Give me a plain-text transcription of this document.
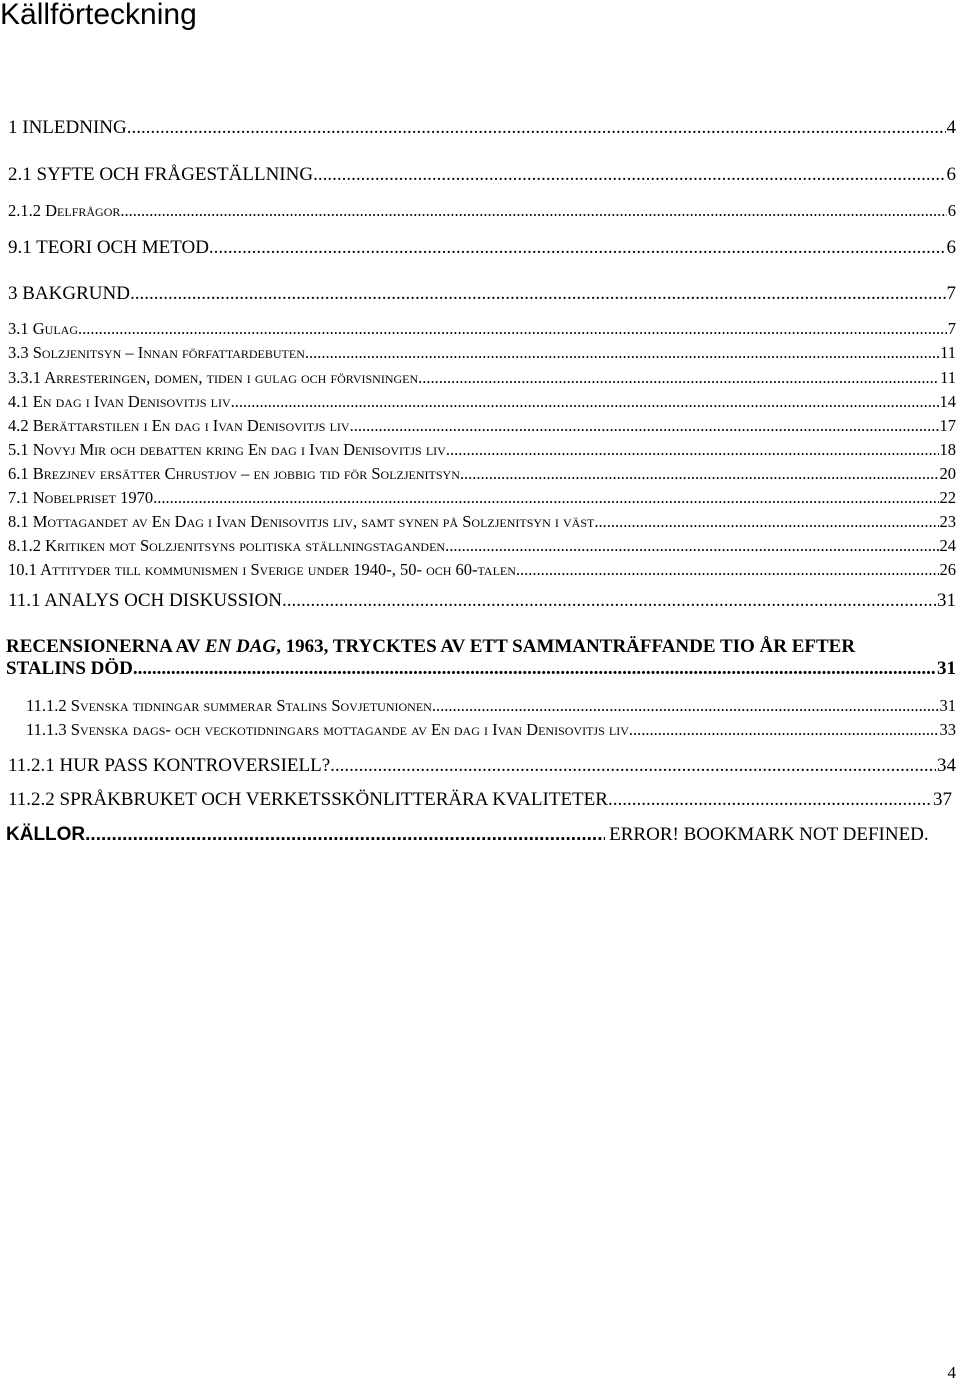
Källförteckning
1 INLEDNING .....	4
2.1 SYFTE OCH FRÅGESTÄLLNING .....	6
2.1.2 Delfrågor .....	6
9.1 TEORI OCH METOD .....	6
3 BAKGRUND .....	7
3.1 Gulag .....	7
3.3 Solzjenitsyn – Innan författardebuten .....	11
3.3.1 Arresteringen, domen, tiden i gulag och förvisningen .....	11
4.1 En dag i Ivan Denisovitjs liv .....	14
4.2 Berättarstilen i En dag i Ivan Denisovitjs liv .....	17
5.1 Novyj Mir och debatten kring En dag i Ivan Denisovitjs liv .....	18
6.1 Brezjnev ersätter Chrustjov – en jobbig tid för Solzjenitsyn .....	20
7.1 Nobelpriset 1970 .....	22
8.1 Mottagandet av En Dag i Ivan Denisovitjs liv, samt synen på Solzjenitsyn i väst .....	23
8.1.2 Kritiken mot Solzjenitsyns politiska ställningstaganden .....	24
10.1 Attityder till kommunismen i Sverige under 1940-, 50- och 60-talen .....	26
11.1 ANALYS OCH DISKUSSION .....	31
RECENSIONERNA AV EN DAG, 1963, TRYCKTES AV ETT SAMMANTRÄFFANDE TIO ÅR EFTER
STALINS DÖD .....	31
11.1.2 Svenska tidningar summerar Stalins Sovjetunionen .....	31
11.1.3 Svenska dags- och veckotidningars mottagande av En dag i Ivan Denisovitjs liv .....	33
11.2.1 HUR PASS KONTROVERSIELL? .....	34
11.2.2 SPRÅKBRUKET OCH VERKETSSKÖNLITTERÄRA KVALITETER .....	37
KÄLLOR .....	ERROR! BOOKMARK NOT DEFINED.
4
